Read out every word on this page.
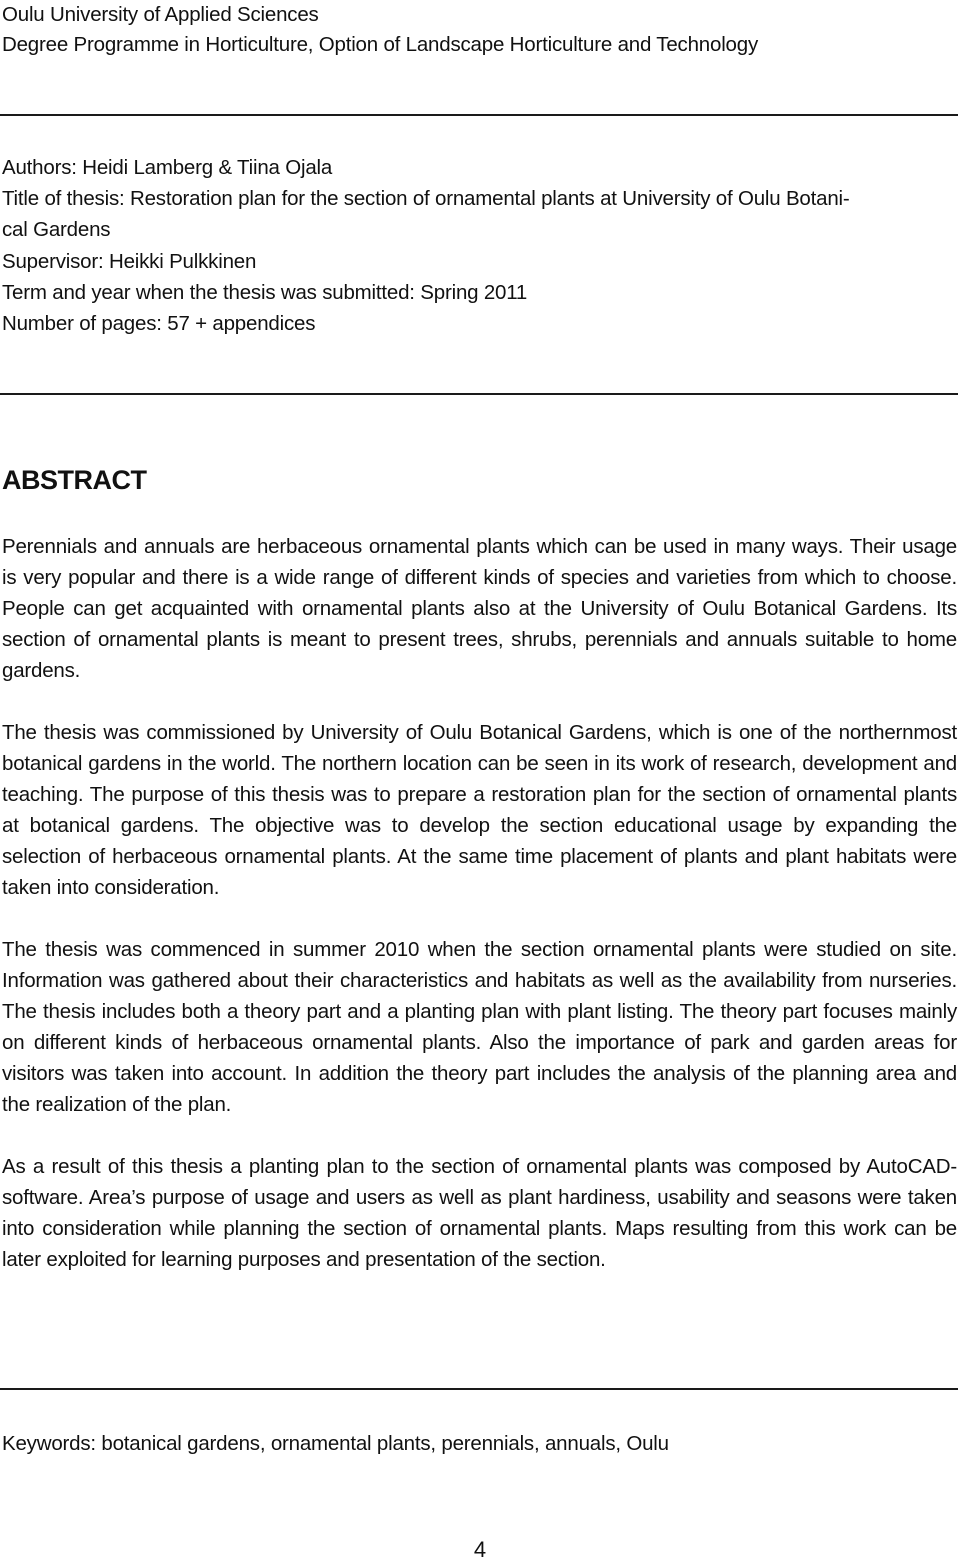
Oulu University of Applied Sciences
Degree Programme in Horticulture, Option of Landscape Horticulture and Technology
Authors: Heidi Lamberg & Tiina Ojala
Title of thesis: Restoration plan for the section of ornamental plants at University of Oulu Botani-
cal Gardens
Supervisor: Heikki Pulkkinen
Term and year when the thesis was submitted: Spring 2011
Number of pages: 57 + appendices
ABSTRACT
Perennials and annuals are herbaceous ornamental plants which can be used in many ways. Their usage is very popular and there is a wide range of different kinds of species and varieties from which to choose. People can get acquainted with ornamental plants also at the University of Oulu Botanical Gardens. Its section of ornamental plants is meant to present trees, shrubs, perennials and annuals suitable to home gardens.
The thesis was commissioned by University of Oulu Botanical Gardens, which is one of the northernmost botanical gardens in the world. The northern location can be seen in its work of research, development and teaching. The purpose of this thesis was to prepare a restoration plan for the section of ornamental plants at botanical gardens. The objective was to develop the section educational usage by expanding the selection of herbaceous ornamental plants. At the same time placement of plants and plant habitats were taken into consideration.
The thesis was commenced in summer 2010 when the section ornamental plants were studied on site. Information was gathered about their characteristics and habitats as well as the availability from nurseries. The thesis includes both a theory part and a planting plan with plant listing. The theory part focuses mainly on different kinds of herbaceous ornamental plants. Also the importance of park and garden areas for visitors was taken into account. In addition the theory part includes the analysis of the planning area and the realization of the plan.
As a result of this thesis a planting plan to the section of ornamental plants was composed by AutoCAD- software. Area’s purpose of usage and users as well as plant hardiness, usability and seasons were taken into consideration while planning the section of ornamental plants. Maps resulting from this work can be later exploited for learning purposes and presentation of the section.
Keywords: botanical gardens, ornamental plants, perennials, annuals, Oulu
4
